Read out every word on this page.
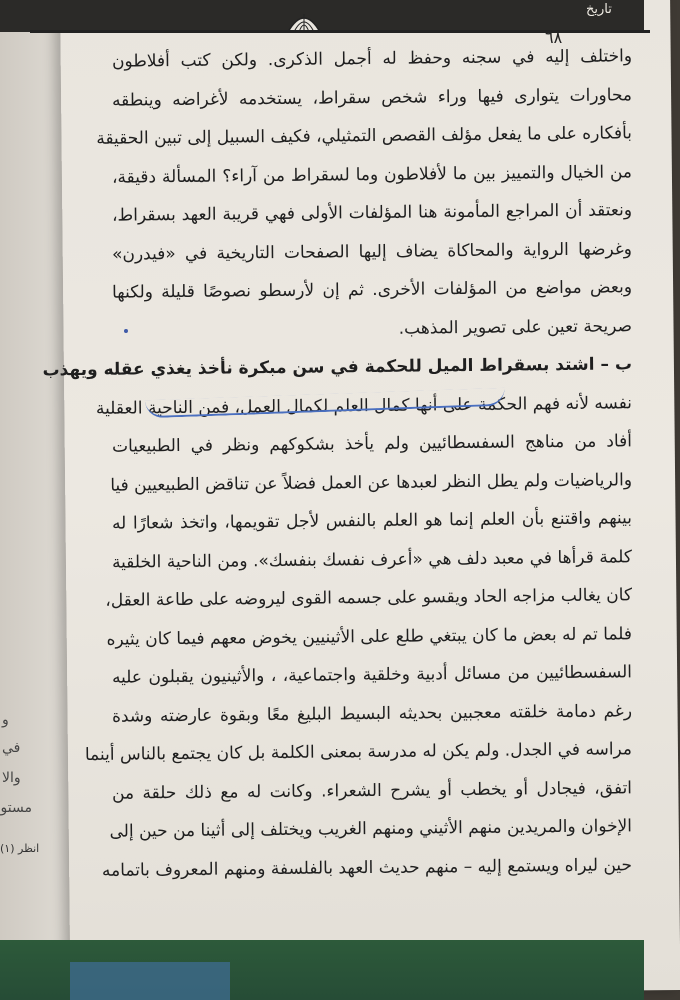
و
في
والا
مستو
(١) انظر
تاريخ
٦٨
واختلف إليه في سجنه وحفظ له أجمل الذكرى. ولكن كتب أفلاطون
محاورات يتوارى فيها وراء شخص سقراط، يستخدمه لأغراضه وينطقه
بأفكاره على ما يفعل مؤلف القصص التمثيلي، فكيف السبيل إلى تبين الحقيقة
من الخيال والتمييز بين ما لأفلاطون وما لسقراط من آراء؟ المسألة دقيقة،
ونعتقد أن المراجع المأمونة هنا المؤلفات الأولى فهي قريبة العهد بسقراط،
وغرضها الرواية والمحاكاة يضاف إليها الصفحات التاريخية في «فيدرن»
وبعض مواضع من المؤلفات الأخرى. ثم إن لأرسطو نصوصًا قليلة ولكنها
صريحة تعين على تصوير المذهب.
ب – اشتد بسقراط الميل للحكمة في سن مبكرة نأخذ يغذي عقله ويهذب
نفسه لأنه فهم الحكمة على أنها كمال العلم لكمال العمل، فمن الناحية العقلية
أفاد من مناهج السفسطائيين ولم يأخذ بشكوكهم ونظر في الطبيعيات
والرياضيات ولم يطل النظر لعبدها عن العمل فضلاً عن تناقض الطبيعيين فيا
بينهم واقتنع بأن العلم إنما هو العلم بالنفس لأجل تقويمها، واتخذ شعارًا له
كلمة قرأها في معبد دلف هي «أعرف نفسك بنفسك». ومن الناحية الخلقية
كان يغالب مزاجه الحاد ويقسو على جسمه القوى ليروضه على طاعة العقل،
فلما تم له بعض ما كان يبتغي طلع على الأثينيين يخوض معهم فيما كان يثيره
السفسطائيين من مسائل أدبية وخلقية واجتماعية، ، والأثينيون يقبلون عليه
رغم دمامة خلقته معجبين بحديثه البسيط البليغ معًا وبقوة عارضته وشدة
مراسه في الجدل. ولم يكن له مدرسة بمعنى الكلمة بل كان يجتمع بالناس أينما
اتفق، فيجادل أو يخطب أو يشرح الشعراء. وكانت له مع ذلك حلقة من
الإخوان والمريدين منهم الأثيني ومنهم الغريب ويختلف إلى أثينا من حين إلى
حين ليراه ويستمع إليه – منهم حديث العهد بالفلسفة ومنهم المعروف باتمامه
